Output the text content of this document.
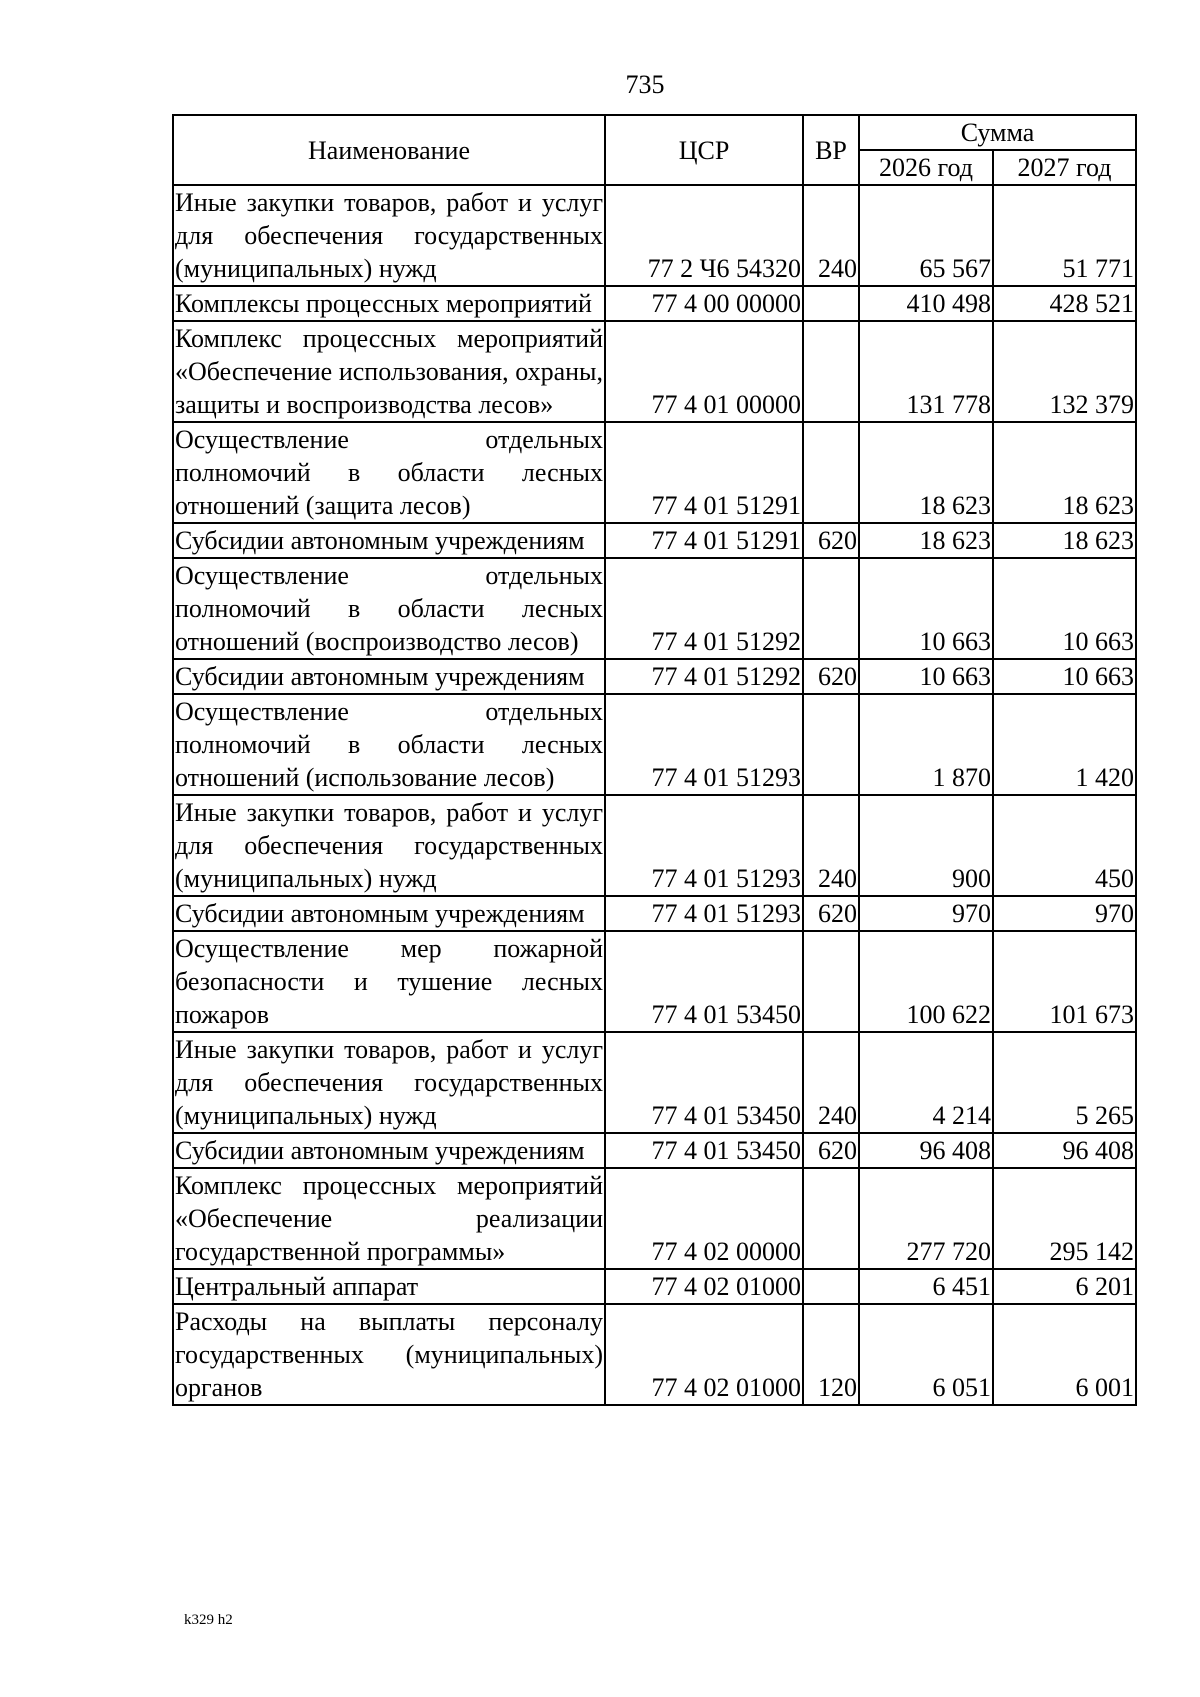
735
Наименование	ЦСР	ВР	Сумма	
			2026 год	2027 год
Иные закупки товаров, работ и услуг для обеспечения государственных (муниципальных) нужд	77 2 Ч6 54320	240	65 567	51 771
Комплексы процессных мероприятий	77 4 00 00000		410 498	428 521
Комплекс процессных мероприятий «Обеспечение использования, охраны, защиты и воспроизводства лесов»	77 4 01 00000		131 778	132 379
Осуществление отдельных полномочий в области лесных отношений (защита лесов)	77 4 01 51291		18 623	18 623
Субсидии автономным учреждениям	77 4 01 51291	620	18 623	18 623
Осуществление отдельных полномочий в области лесных отношений (воспроизводство лесов)	77 4 01 51292		10 663	10 663
Субсидии автономным учреждениям	77 4 01 51292	620	10 663	10 663
Осуществление отдельных полномочий в области лесных отношений (использование лесов)	77 4 01 51293		1 870	1 420
Иные закупки товаров, работ и услуг для обеспечения государственных (муниципальных) нужд	77 4 01 51293	240	900	450
Субсидии автономным учреждениям	77 4 01 51293	620	970	970
Осуществление мер пожарной безопасности и тушение лесных пожаров	77 4 01 53450		100 622	101 673
Иные закупки товаров, работ и услуг для обеспечения государственных (муниципальных) нужд	77 4 01 53450	240	4 214	5 265
Субсидии автономным учреждениям	77 4 01 53450	620	96 408	96 408
Комплекс процессных мероприятий «Обеспечение реализации государственной программы»	77 4 02 00000		277 720	295 142
Центральный аппарат	77 4 02 01000		6 451	6 201
Расходы на выплаты персоналу государственных (муниципальных) органов	77 4 02 01000	120	6 051	6 001
k329 h2
